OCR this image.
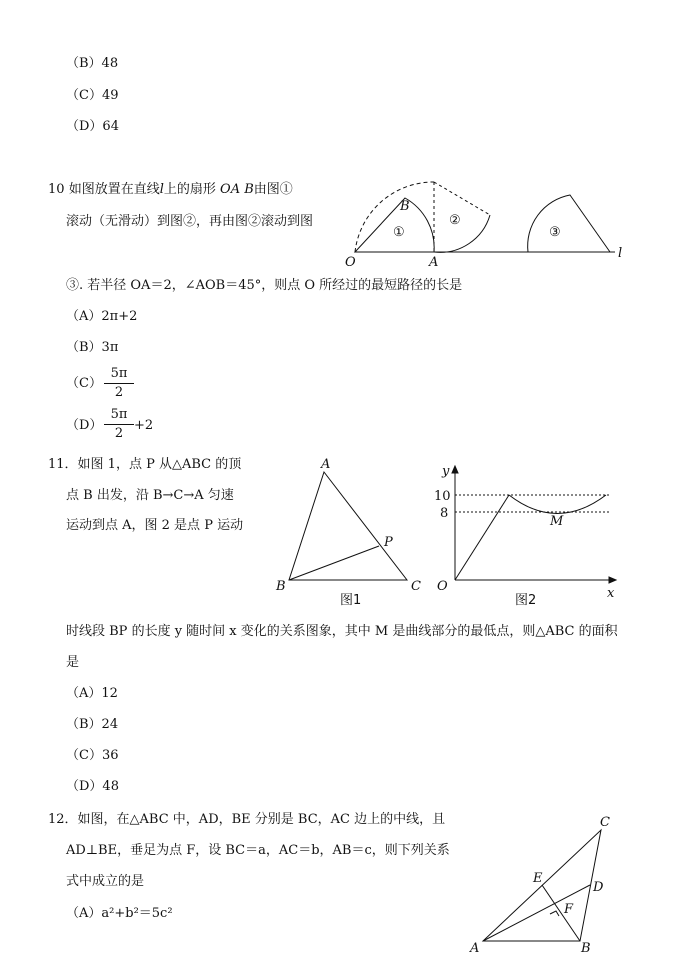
（B）48
（C）49
（D）64
10 如图放置在直线l上的扇形 OA B由图①
滚动（无滑动）到图②，再由图②滚动到图
③. 若半径 OA＝2，∠AOB＝45°，则点 O 所经过的最短路径的长是
（A）2π+2
（B）3π
（C）
5π
2
（D）
5π
2
+2
11．如图 1，点 P 从△ABC 的顶
点 B 出发，沿 B→C→A 匀速
运动到点 A，图 2 是点 P 运动
时线段 BP 的长度 y 随时间 x 变化的关系图象，其中 M 是曲线部分的最低点，则△ABC 的面积
是
（A）12
（B）24
（C）36
（D）48
12．如图，在△ABC 中，AD，BE 分别是 BC，AC 边上的中线，且
AD⊥BE，垂足为点 F，设 BC＝a，AC＝b，AB＝c，则下列关系
式中成立的是
（A）a²+b²＝5c²
O	A
B
l
①
②
③
A
B	C
P
图1
y
x
O
10
8
M
图2
A	B
C
D
E
F
